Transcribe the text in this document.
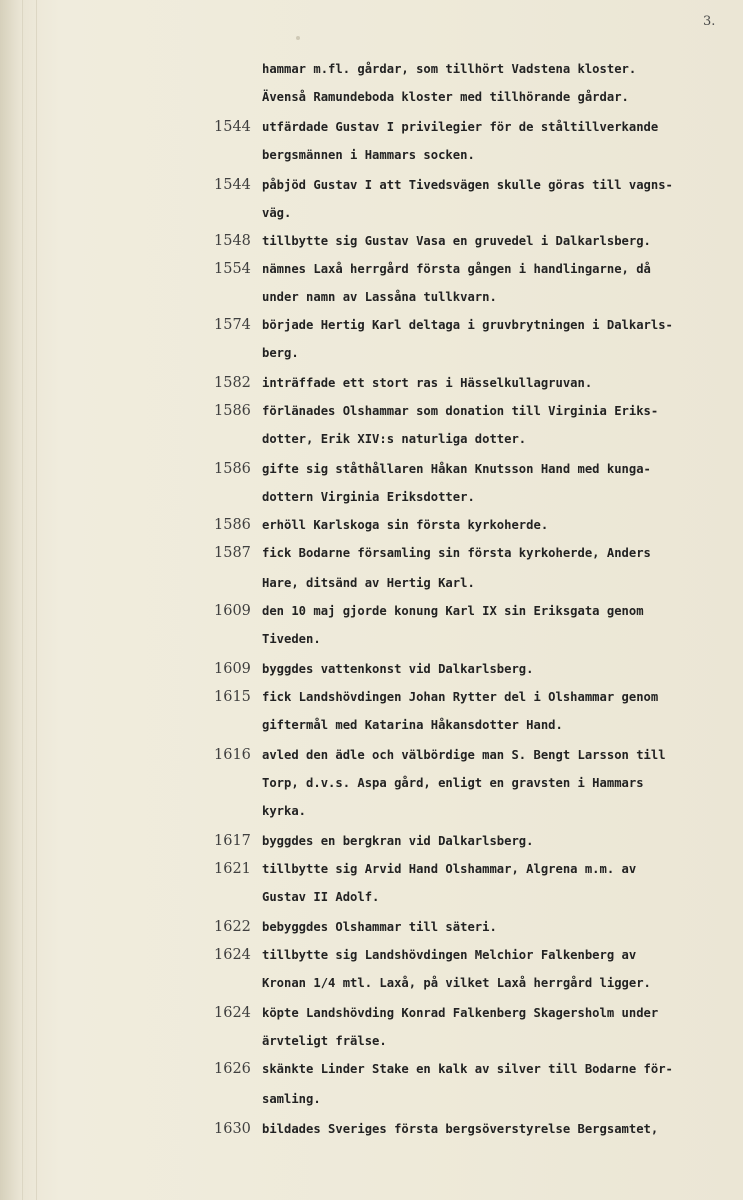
3.

hammar m.fl. gårdar, som tillhört Vadstena kloster.
Ävenså Ramundeboda kloster med tillhörande gårdar.
1544 utfärdade Gustav I privilegier för de ståltillverkande
bergsmännen i Hammars socken.
1544 påbjöd Gustav I att Tivedsvägen skulle göras till vagns-
väg.
1548 tillbytte sig Gustav Vasa en gruvedel i Dalkarlsberg.
1554 nämnes Laxå herrgård första gången i handlingarne, då
under namn av Lassåna tullkvarn.
1574 började Hertig Karl deltaga i gruvbrytningen i Dalkarls-
berg.
1582 inträffade ett stort ras i Hässelkullagruvan.
1586 förlänades Olshammar som donation till Virginia Eriks-
dotter, Erik XIV:s naturliga dotter.
1586 gifte sig ståthållaren Håkan Knutsson Hand med kunga-
dottern Virginia Eriksdotter.
1586 erhöll Karlskoga sin första kyrkoherde.
1587 fick Bodarne församling sin första kyrkoherde, Anders
Hare, ditsänd av Hertig Karl.
1609 den 10 maj gjorde konung Karl IX sin Eriksgata genom
Tiveden.
1609 byggdes vattenkonst vid Dalkarlsberg.
1615 fick Landshövdingen Johan Rytter del i Olshammar genom
giftermål med Katarina Håkansdotter Hand.
1616 avled den ädle och välbördige man S. Bengt Larsson till
Torp, d.v.s. Aspa gård, enligt en gravsten i Hammars
kyrka.
1617 byggdes en bergkran vid Dalkarlsberg.
1621 tillbytte sig Arvid Hand Olshammar, Algrena m.m. av
Gustav II Adolf.
1622 bebyggdes Olshammar till säteri.
1624 tillbytte sig Landshövdingen Melchior Falkenberg av
Kronan 1/4 mtl. Laxå, på vilket Laxå herrgård ligger.
1624 köpte Landshövding Konrad Falkenberg Skagersholm under
ärvteligt frälse.
1626 skänkte Linder Stake en kalk av silver till Bodarne för-
samling.
1630 bildades Sveriges första bergsöverstyrelse Bergsamtet,
